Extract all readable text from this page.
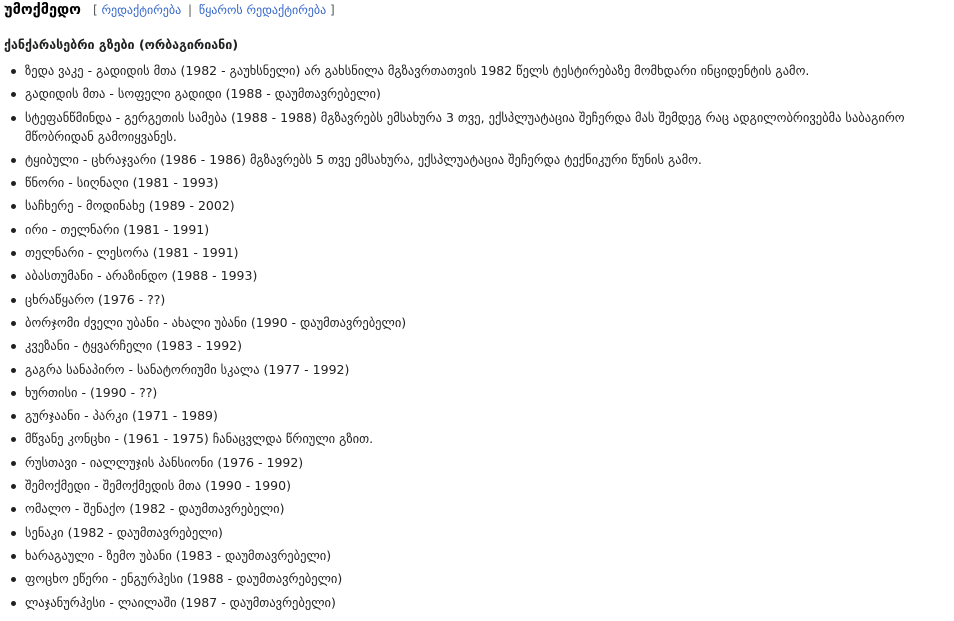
უმოქმედო [ რედაქტირება | წყაროს რედაქტირება ]
ქანქარასებრი გზები (ორბაგირიანი)
ზედა ვაკე - გადიდის მთა (1982 - გაუხსნელი) არ გახსნილა მგზავრთათვის 1982 წელს ტესტირებაზე მომხდარი ინციდენტის გამო.
გადიდის მთა - სოფელი გადიდი (1988 - დაუმთავრებელი)
სტეფანწმინდა - გერგეთის სამება (1988 - 1988) მგზავრებს ემსახურა 3 თვე, ექსპლუატაცია შეჩერდა მას შემდეგ რაც ადგილობრივებმა საბაგირო მწობრიდან გამოიყვანეს.
ტყიბული - ცხრაჯვარი (1986 - 1986) მგზავრებს 5 თვე ემსახურა, ექსპლუატაცია შეჩერდა ტექნიკური წუნის გამო.
წნორი - სიღნაღი (1981 - 1993)
საჩხერე - მოდინახე (1989 - 2002)
ირი - თელნარი (1981 - 1991)
თელნარი - ლესორა (1981 - 1991)
აბასთუმანი - არაზინდო (1988 - 1993)
ცხრაწყარო (1976 - ??)
ბორჯომი ძველი უბანი - ახალი უბანი (1990 - დაუმთავრებელი)
კვეზანი - ტყვარჩელი (1983 - 1992)
გაგრა სანაპირო - სანატორიუმი სკალა (1977 - 1992)
ხურთისი - (1990 - ??)
გურჯაანი - პარკი (1971 - 1989)
მწვანე კონცხი - (1961 - 1975) ჩანაცვლდა წრიული გზით.
რუსთავი - იალლუჯის პანსიონი (1976 - 1992)
შემოქმედი - შემოქმედის მთა (1990 - 1990)
ომალო - შენაქო (1982 - დაუმთავრებელი)
სენაკი (1982 - დაუმთავრებელი)
ხარაგაული - ზემო უბანი (1983 - დაუმთავრებელი)
ფოცხო ეწერი - ენგურჰესი (1988 - დაუმთავრებელი)
ლაჯანურჰესი - ლაილაში (1987 - დაუმთავრებელი)
